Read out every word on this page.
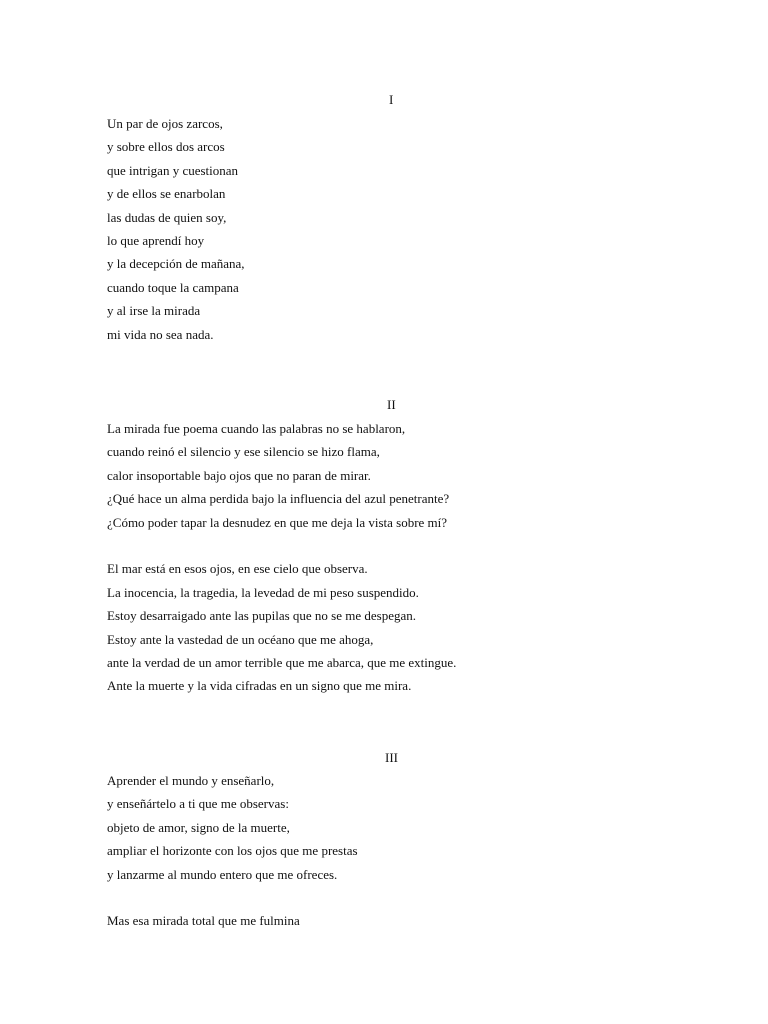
I
Un par de ojos zarcos,
y sobre ellos dos arcos
que intrigan y cuestionan
y de ellos se enarbolan
las dudas de quien soy,
lo que aprendí hoy
y la decepción de mañana,
cuando toque la campana
y al irse la mirada
mi vida no sea nada.
II
La mirada fue poema cuando las palabras no se hablaron,
cuando reinó el silencio y ese silencio se hizo flama,
calor insoportable bajo ojos que no paran de mirar.
¿Qué hace un alma perdida bajo la influencia del azul penetrante?
¿Cómo poder tapar la desnudez en que me deja la vista sobre mí?
El mar está en esos ojos, en ese cielo que observa.
La inocencia, la tragedia, la levedad de mi peso suspendido.
Estoy desarraigado ante las pupilas que no se me despegan.
Estoy ante la vastedad de un océano que me ahoga,
ante la verdad de un amor terrible que me abarca, que me extingue.
Ante la muerte y la vida cifradas en un signo que me mira.
III
Aprender el mundo y enseñarlo,
y enseñártelo a ti que me observas:
objeto de amor, signo de la muerte,
ampliar el horizonte con los ojos que me prestas
y lanzarme al mundo entero que me ofreces.
Mas esa mirada total que me fulmina
